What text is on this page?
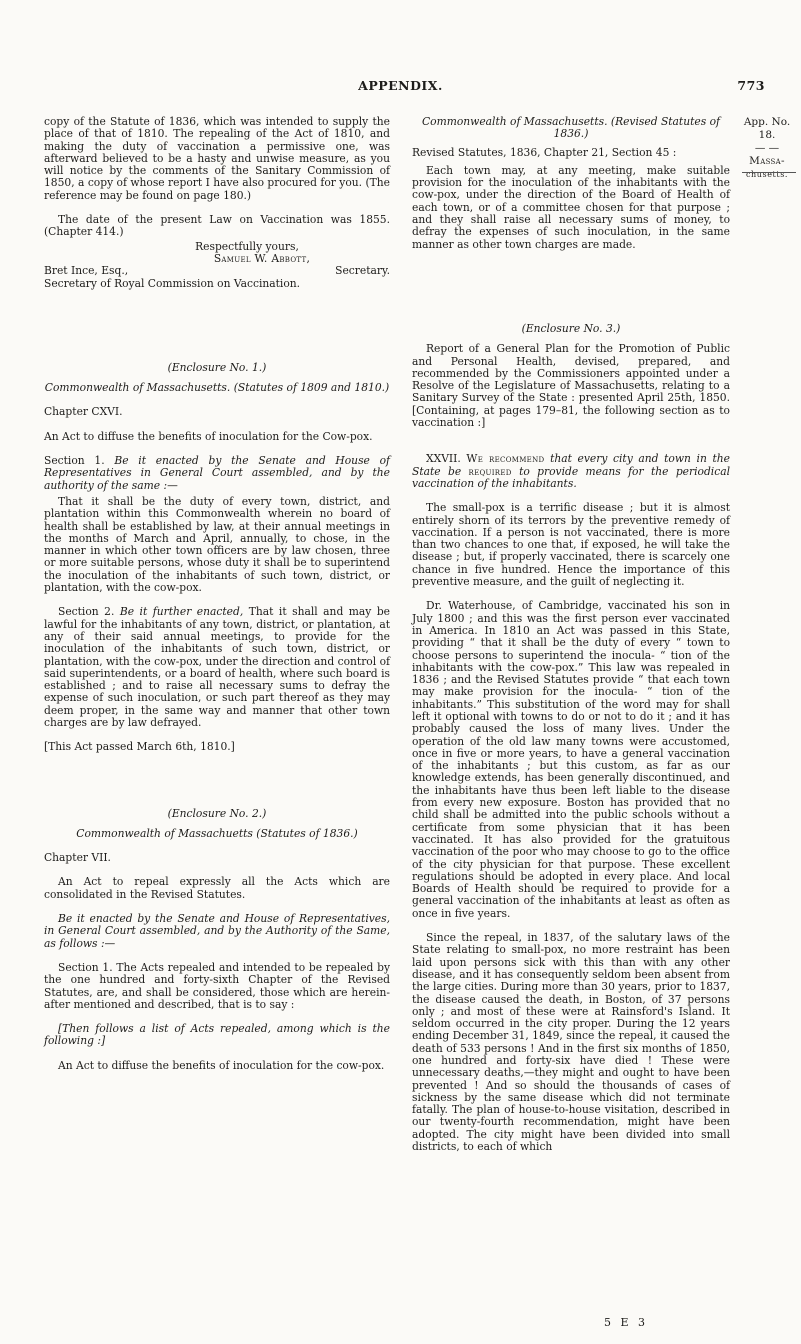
APPENDIX.	773
App. No. 18.
— —
Massa-
chusetts.

copy of the Statute of 1836, which was intended to supply the place of that of 1810. The repealing of the Act of 1810, and making the duty of vaccination a permissive one, was afterward believed to be a hasty and unwise measure, as you will notice by the comments of the Sanitary Commission of 1850, a copy of whose report I have also procured for you. (The reference may be found on page 180.)

The date of the present Law on Vaccination was 1855. (Chapter 414.)

Respectfully yours,
Samuel W. Abbott,
Bret Ince, Esq.,	Secretary.
Secretary of Royal Commission on Vaccination.

(Enclosure No. 1.)

Commonwealth of Massachusetts. (Statutes of 1809 and 1810.)

Chapter CXVI.

An Act to diffuse the benefits of inoculation for the Cow-pox.

Section 1. Be it enacted by the Senate and House of Representatives in General Court assembled, and by the authority of the same :—

That it shall be the duty of every town, district, and plantation within this Commonwealth wherein no board of health shall be established by law, at their annual meetings in the months of March and April, annually, to chose, in the manner in which other town officers are by law chosen, three or more suitable persons, whose duty it shall be to superintend the inoculation of the inhabitants of such town, district, or plantation, with the cow-pox.

Section 2. Be it further enacted, That it shall and may be lawful for the inhabitants of any town, district, or plantation, at any of their said annual meetings, to provide for the inoculation of the inhabitants of such town, district, or plantation, with the cow-pox, under the direction and control of said superintendents, or a board of health, where such board is established ; and to raise all necessary sums to defray the expense of such inoculation, or such part thereof as they may deem proper, in the same way and manner that other town charges are by law defrayed.

[This Act passed March 6th, 1810.]

(Enclosure No. 2.)

Commonwealth of Massachuetts (Statutes of 1836.)

Chapter VII.

An Act to repeal expressly all the Acts which are consolidated in the Revised Statutes.

Be it enacted by the Senate and House of Representatives, in General Court assembled, and by the Authority of the Same, as follows :—

Section 1. The Acts repealed and intended to be repealed by the one hundred and forty-sixth Chapter of the Revised Statutes, are, and shall be considered, those which are herein-after mentioned and described, that is to say :

[Then follows a list of Acts repealed, among which is the following :]

An Act to diffuse the benefits of inoculation for the cow-pox.

Commonwealth of Massachusetts. (Revised Statutes of 1836.)

Revised Statutes, 1836, Chapter 21, Section 45 :

Each town may, at any meeting, make suitable provision for the inoculation of the inhabitants with the cow-pox, under the direction of the Board of Health of each town, or of a committee chosen for that purpose ; and they shall raise all necessary sums of money, to defray the expenses of such inoculation, in the same manner as other town charges are made.

(Enclosure No. 3.)

Report of a General Plan for the Promotion of Public and Personal Health, devised, prepared, and recommended by the Commissioners appointed under a Resolve of the Legislature of Massachusetts, relating to a Sanitary Survey of the State : presented April 25th, 1850. [Containing, at pages 179–81, the following section as to vaccination :]

XXVII. We recommend that every city and town in the State be required to provide means for the periodical vaccination of the inhabitants.

The small-pox is a terrific disease ; but it is almost entirely shorn of its terrors by the preventive remedy of vaccination. If a person is not vaccinated, there is more than two chances to one that, if exposed, he will take the disease ; but, if properly vaccinated, there is scarcely one chance in five hundred. Hence the importance of this preventive measure, and the guilt of neglecting it.

Dr. Waterhouse, of Cambridge, vaccinated his son in July 1800 ; and this was the first person ever vaccinated in America. In 1810 an Act was passed in this State, providing “ that it shall be the duty of every “ town to choose persons to superintend the inocula- “ tion of the inhabitants with the cow-pox.” This law was repealed in 1836 ; and the Revised Statutes provide “ that each town may make provision for the inocula- “ tion of the inhabitants.” This substitution of the word may for shall left it optional with towns to do or not to do it ; and it has probably caused the loss of many lives. Under the operation of the old law many towns were accustomed, once in five or more years, to have a general vaccination of the inhabitants ; but this custom, as far as our knowledge extends, has been generally discontinued, and the inhabitants have thus been left liable to the disease from every new exposure. Boston has provided that no child shall be admitted into the public schools without a certificate from some physician that it has been vaccinated. It has also provided for the gratuitous vaccination of the poor who may choose to go to the office of the city physician for that purpose. These excellent regulations should be adopted in every place. And local Boards of Health should be required to provide for a general vaccination of the inhabitants at least as often as once in five years.

Since the repeal, in 1837, of the salutary laws of the State relating to small-pox, no more restraint has been laid upon persons sick with this than with any other disease, and it has consequently seldom been absent from the large cities. During more than 30 years, prior to 1837, the disease caused the death, in Boston, of 37 persons only ; and most of these were at Rainsford's Island. It seldom occurred in the city proper. During the 12 years ending December 31, 1849, since the repeal, it caused the death of 533 persons ! And in the first six months of 1850, one hundred and forty-six have died ! These were unnecessary deaths,—they might and ought to have been prevented ! And so should the thousands of cases of sickness by the same disease which did not terminate fatally. The plan of house-to-house visitation, described in our twenty-fourth recommendation, might have been adopted. The city might have been divided into small districts, to each of which

5 E 3
